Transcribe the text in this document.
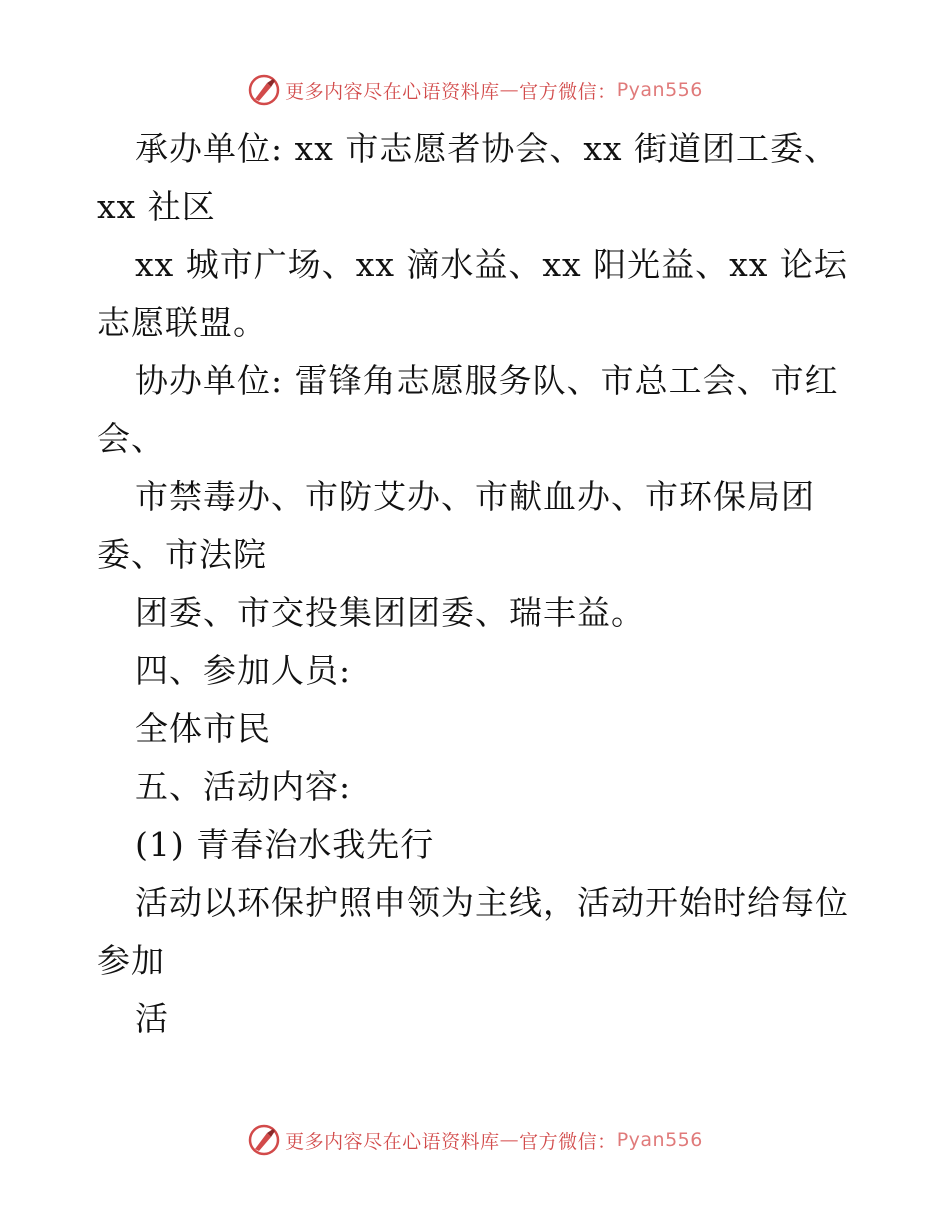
更多内容尽在心语资料库 — 官方微信： Pyan556
承办单位: xx 市志愿者协会、xx 街道团工委、
xx 社区
xx 城市广场、xx 滴水益、xx 阳光益、xx 论坛
志愿联盟。
协办单位: 雷锋角志愿服务队、市总工会、市红
会、
市禁毒办、市防艾办、市献血办、市环保局团
委、市法院
团委、市交投集团团委、瑞丰益。
四、参加人员:
全体市民
五、活动内容:
(1) 青春治水我先行
活动以环保护照申领为主线，活动开始时给每位
参加
活
更多内容尽在心语资料库 — 官方微信： Pyan556
